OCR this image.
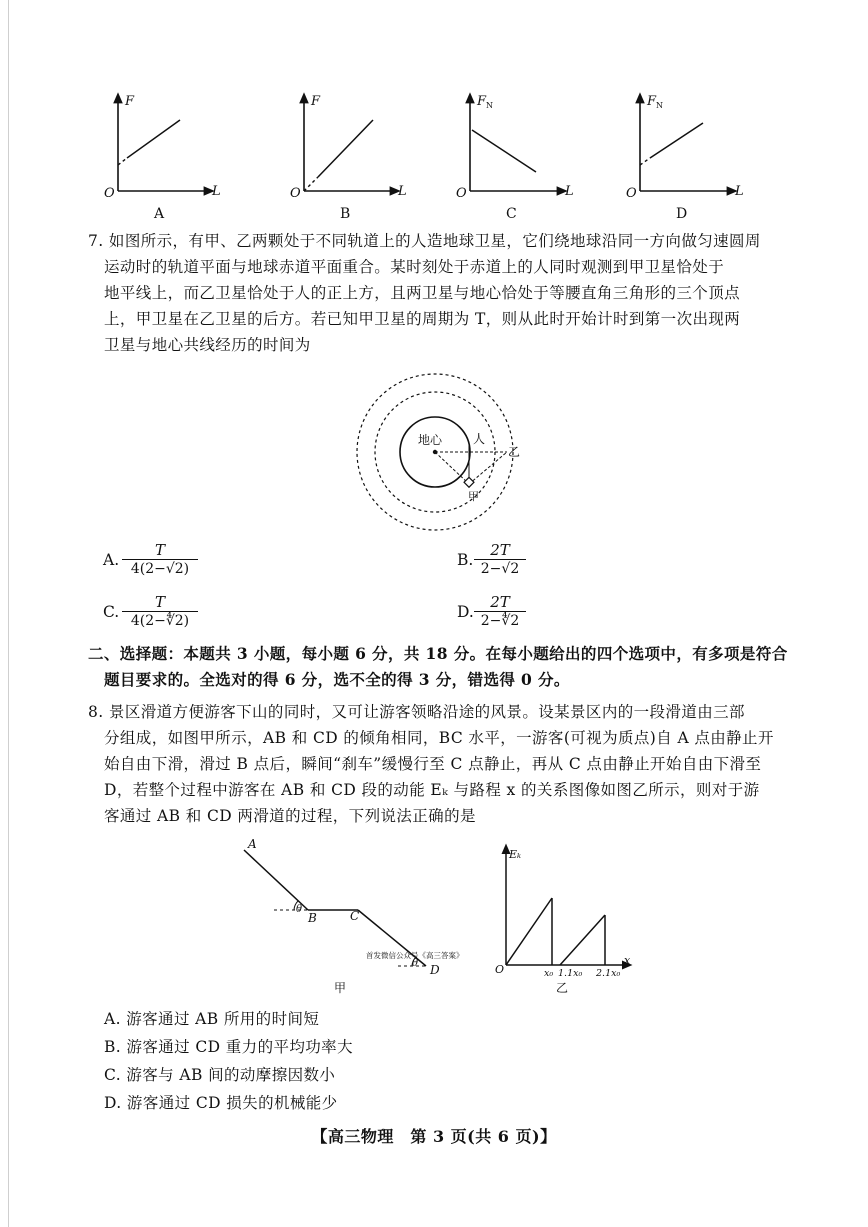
F
O	L
A
F
O	L
B
F N
O	L
C
F N
O	L
D
7. 如图所示，有甲、乙两颗处于不同轨道上的人造地球卫星，它们绕地球沿同一方向做匀速圆周
运动时的轨道平面与地球赤道平面重合。某时刻处于赤道上的人同时观测到甲卫星恰处于
地平线上，而乙卫星恰处于人的正上方，且两卫星与地心恰处于等腰直角三角形的三个顶点
上，甲卫星在乙卫星的后方。若已知甲卫星的周期为 T，则从此时开始计时到第一次出现两
卫星与地心共线经历的时间为
地心	人
乙
甲
A. $\frac{T}{4(2-√2)}$	B. $\frac{2T}{2-√2}$
C. $\frac{T}{4(2-∜2)}$	D. $\frac{2T}{2-∜2}$
二、选择题：本题共 3 小题，每小题 6 分，共 18 分。在每小题给出的四个选项中，有多项是符合
题目要求的。全选对的得 6 分，选不全的得 3 分，错选得 0 分。
8. 景区滑道方便游客下山的同时，又可让游客领略沿途的风景。设某景区内的一段滑道由三部
分组成，如图甲所示，AB 和 CD 的倾角相同，BC 水平，一游客(可视为质点)自 A 点由静止开
始自由下滑，滑过 B 点后，瞬间“刹车”缓慢行至 C 点静止，再从 C 点由静止开始自由下滑至
D，若整个过程中游客在 AB 和 CD 段的动能 Eₖ 与路程 x 的关系图像如图乙所示，则对于游
客通过 AB 和 CD 两滑道的过程，下列说法正确的是
A
B	C
D
θ
θ
甲
首发微信公众号《高三答案》
Eₖ
O
x
x₀ 1.1x₀ 2.1x₀
乙
A. 游客通过 AB 所用的时间短
B. 游客通过 CD 重力的平均功率大
C. 游客与 AB 间的动摩擦因数小
D. 游客通过 CD 损失的机械能少
【高三物理　第 3 页(共 6 页)】
